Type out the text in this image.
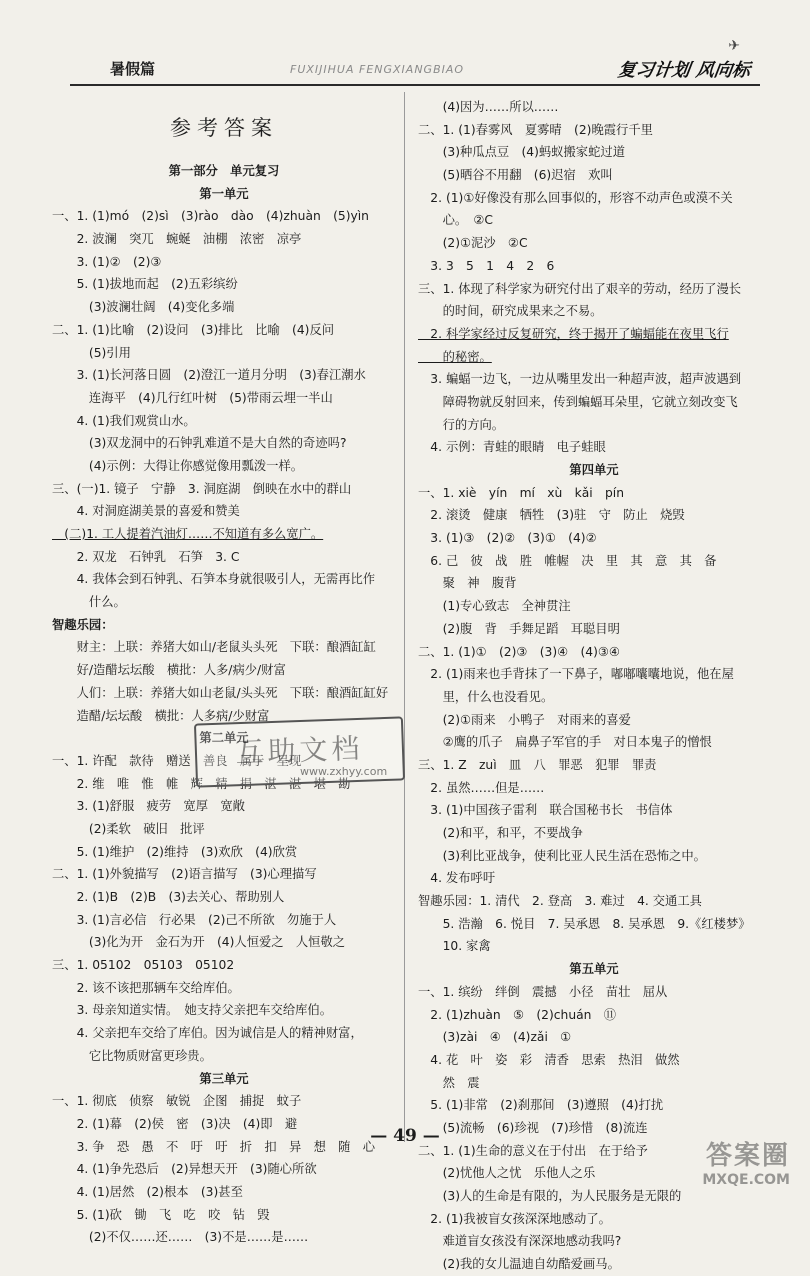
暑假篇	FUXIJIHUA FENGXIANGBIAO
✈
复习计划 风向标
参考答案
第一部分　单元复习
第一单元
一、1. (1)mó　(2)sì　(3)rào　dào　(4)zhuàn　(5)yìn
　　2. 波澜　突兀　蜿蜒　油棚　浓密　凉亭
　　3. (1)②　(2)③
　　5. (1)拔地而起　(2)五彩缤纷
　　　(3)波澜壮阔　(4)变化多端
二、1. (1)比喻　(2)设问　(3)排比　比喻　(4)反问
　　　(5)引用
　　3. (1)长河落日圆　(2)澄江一道月分明　(3)春江潮水
　　　连海平　(4)几行红叶树　(5)带雨云埋一半山
　　4. (1)我们观赏山水。
　　　(3)双龙洞中的石钟乳难道不是大自然的奇迹吗?
　　　(4)示例：大得让你感觉像用瓢泼一样。
三、(一)1. 镜子　宁静　3. 洞庭湖　倒映在水中的群山
　　4. 对洞庭湖美景的喜爱和赞美
　(二)1. 工人提着汽油灯……不知道有多么宽广。
　　2. 双龙　石钟乳　石笋　3. C
　　4. 我体会到石钟乳、石笋本身就很吸引人，无需再比作
　　　什么。
智趣乐园：
　　财主：上联：养猪大如山/老鼠头头死　下联：酿酒缸缸
　　好/造醋坛坛酸　横批：人多/病少/财富
　　人们：上联：养猪大如山老鼠/头头死　下联：酿酒缸缸好
　　造醋/坛坛酸　横批：人多病/少财富
第二单元
一、1. 许配　款待　赠送　善良　属于　呈现
　　2. 维　唯　惟　帷　辉　精　捐　湛　湛　堪　勘
　　3. (1)舒服　疲劳　宽厚　宽敞
　　　(2)柔软　破旧　批评
　　5. (1)维护　(2)维持　(3)欢欣　(4)欣赏
二、1. (1)外貌描写　(2)语言描写　(3)心理描写
　　2. (1)B　(2)B　(3)去关心、帮助别人
　　3. (1)言必信　行必果　(2)己不所欲　勿施于人
　　　(3)化为开　金石为开　(4)人恒爱之　人恒敬之
三、1. 05102　05103　05102
　　2. 该不该把那辆车交给库伯。
　　3. 母亲知道实情。　她支持父亲把车交给库伯。
　　4. 父亲把车交给了库伯。因为诚信是人的精神财富，
　　　它比物质财富更珍贵。
第三单元
一、1. 彻底　侦察　敏锐　企图　捕捉　蚊子
　　2. (1)幕　(2)侯　密　(3)决　(4)即　避
　　3. 争　恐　愚　不　吁　吁　折　扣　异　想　随　心
　　4. (1)争先恐后　(2)异想天开　(3)随心所欲
　　4. (1)居然　(2)根本　(3)甚至
　　5. (1)砍　锄　飞　吃　咬　钻　毁
　　　(2)不仅……还……　(3)不是……是……
　　(4)因为……所以……
二、1. (1)春雾风　夏雾晴　(2)晚霞行千里
　　(3)种瓜点豆　(4)蚂蚁搬家蛇过道
　　(5)晒谷不用翻　(6)迟宿　欢叫
　2. (1)①好像没有那么回事似的，形容不动声色或漠不关
　　心。　②C
　　(2)①泥沙　②C
　3. 3　5　1　4　2　6
三、1. 体现了科学家为研究付出了艰辛的劳动，经历了漫长
　　的时间，研究成果来之不易。
　2. 科学家经过反复研究，终于揭开了蝙蝠能在夜里飞行
　　的秘密。
　3. 蝙蝠一边飞，一边从嘴里发出一种超声波，超声波遇到
　　障碍物就反射回来，传到蝙蝠耳朵里，它就立刻改变飞
　　行的方向。
　4. 示例：青蛙的眼睛　电子蛙眼
第四单元
一、1. xiè　yín　mí　xù　kǎi　pín
　2. 滚烫　健康　牺牲　(3)驻　守　防止　烧毁
　3. (1)③　(2)②　(3)①　(4)②
　6. 己　彼　战　胜　帷幄　决　里　其　意　其　备
　　聚　神　腹背
　　(1)专心致志　全神贯注
　　(2)腹　背　手舞足蹈　耳聪目明
二、1. (1)①　(2)③　(3)④　(4)③④
　2. (1)雨来也手背抹了一下鼻子，嘟嘟囔囔地说，他在屋
　　里，什么也没看见。
　　(2)①雨来　小鸭子　对雨来的喜爱
　　②鹰的爪子　扁鼻子军官的手　对日本鬼子的憎恨
三、1. Z　zuì　皿　八　罪恶　犯罪　罪责
　2. 虽然……但是……
　3. (1)中国孩子雷利　联合国秘书长　书信体
　　(2)和平，和平，不要战争
　　(3)利比亚战争，使利比亚人民生活在恐怖之中。
　4. 发布呼吁
智趣乐园：1. 清代　2. 登高　3. 难过　4. 交通工具
　　5. 浩瀚　6. 悦目　7. 吴承恩　8. 吴承恩　9.《红楼梦》
　　10. 家禽
第五单元
一、1. 缤纷　绊倒　震撼　小径　苗壮　屈从
　2. (1)zhuàn　⑤　(2)chuán　⑪
　　(3)zài　④　(4)zǎi　①
　4. 花　叶　姿　彩　清香　思索　热泪　做然
　　然　震
　5. (1)非常　(2)刹那间　(3)遵照　(4)打扰
　　(5)流畅　(6)珍视　(7)珍惜　(8)流连
二、1. (1)生命的意义在于付出　在于给予
　　(2)忧他人之忧　乐他人之乐
　　(3)人的生命是有限的，为人民服务是无限的
　2. (1)我被盲女孩深深地感动了。
　　难道盲女孩没有深深地感动我吗?
　　(2)我的女儿温迪自幼酷爱画马。
互助文档
www.zxhyy.com
— 49 —
答案圈
MXQE.COM
